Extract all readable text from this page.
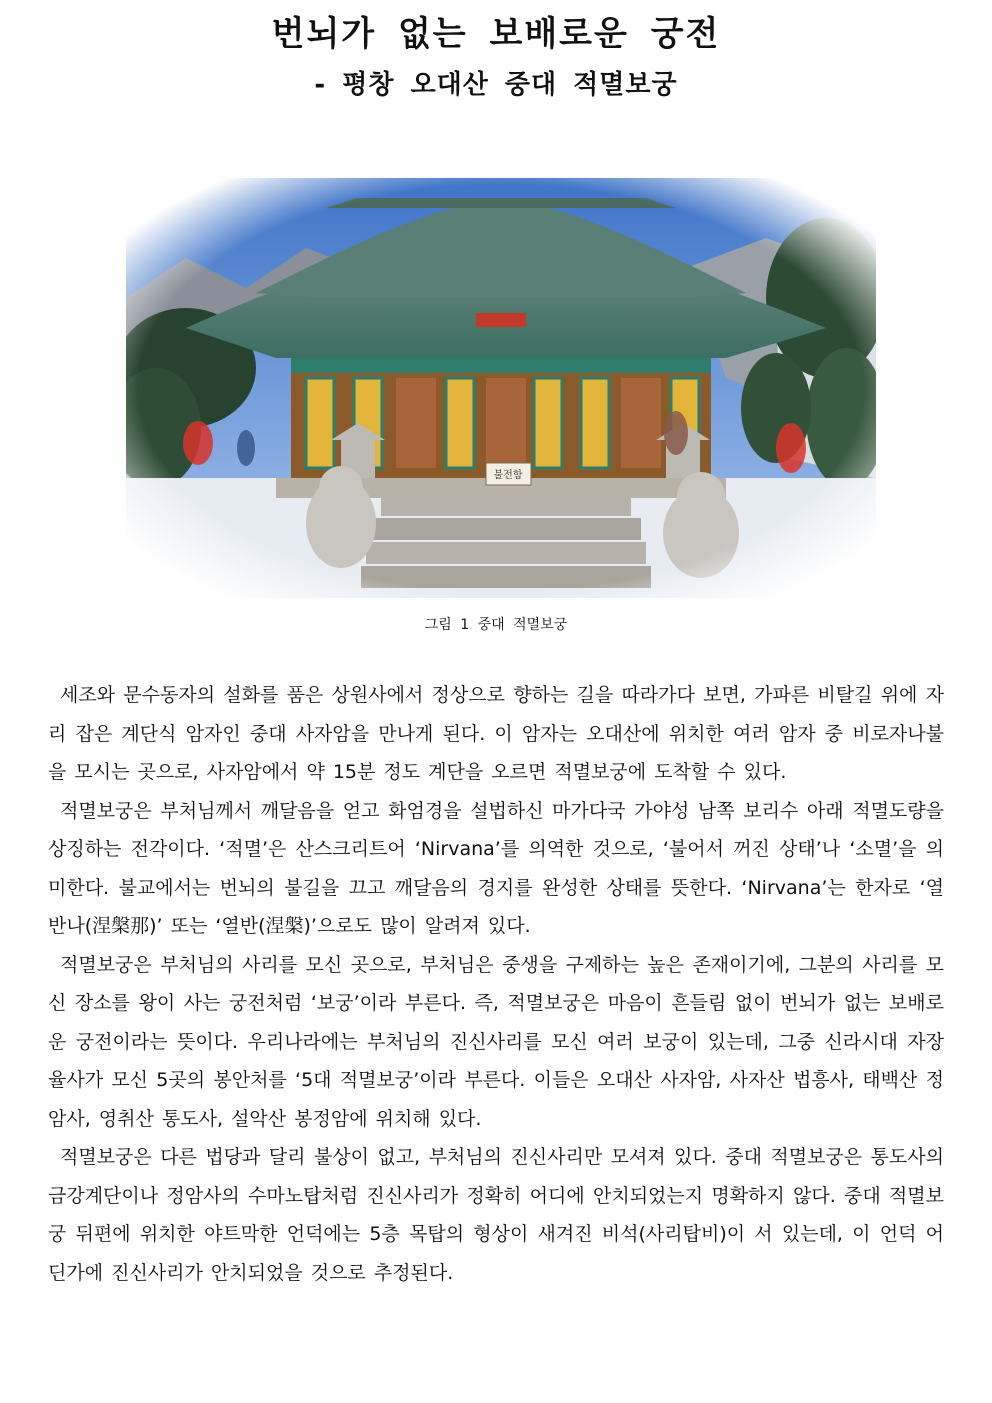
번뇌가 없는 보배로운 궁전
- 평창 오대산 중대 적멸보궁
그림 1 중대 적멸보궁

세조와 문수동자의 설화를 품은 상원사에서 정상으로 향하는 길을 따라가다 보면, 가파른 비탈길 위에 자리 잡은 계단식 암자인 중대 사자암을 만나게 된다. 이 암자는 오대산에 위치한 여러 암자 중 비로자나불을 모시는 곳으로, 사자암에서 약 15분 정도 계단을 오르면 적멸보궁에 도착할 수 있다.

적멸보궁은 부처님께서 깨달음을 얻고 화엄경을 설법하신 마가다국 가야성 남쪽 보리수 아래 적멸도량을 상징하는 전각이다. ‘적멸’은 산스크리트어 ‘Nirvana’를 의역한 것으로, ‘불어서 꺼진 상태’나 ‘소멸’을 의미한다. 불교에서는 번뇌의 불길을 끄고 깨달음의 경지를 완성한 상태를 뜻한다. ‘Nirvana’는 한자로 ‘열반나(涅槃那)’ 또는 ‘열반(涅槃)’으로도 많이 알려져 있다.

적멸보궁은 부처님의 사리를 모신 곳으로, 부처님은 중생을 구제하는 높은 존재이기에, 그분의 사리를 모신 장소를 왕이 사는 궁전처럼 ‘보궁’이라 부른다. 즉, 적멸보궁은 마음이 흔들림 없이 번뇌가 없는 보배로운 궁전이라는 뜻이다. 우리나라에는 부처님의 진신사리를 모신 여러 보궁이 있는데, 그중 신라시대 자장율사가 모신 5곳의 봉안처를 ‘5대 적멸보궁’이라 부른다. 이들은 오대산 사자암, 사자산 법흥사, 태백산 정암사, 영취산 통도사, 설악산 봉정암에 위치해 있다.

적멸보궁은 다른 법당과 달리 불상이 없고, 부처님의 진신사리만 모셔져 있다. 중대 적멸보궁은 통도사의 금강계단이나 정암사의 수마노탑처럼 진신사리가 정확히 어디에 안치되었는지 명확하지 않다. 중대 적멸보궁 뒤편에 위치한 야트막한 언덕에는 5층 목탑의 형상이 새겨진 비석(사리탑비)이 서 있는데, 이 언덕 어딘가에 진신사리가 안치되었을 것으로 추정된다.
